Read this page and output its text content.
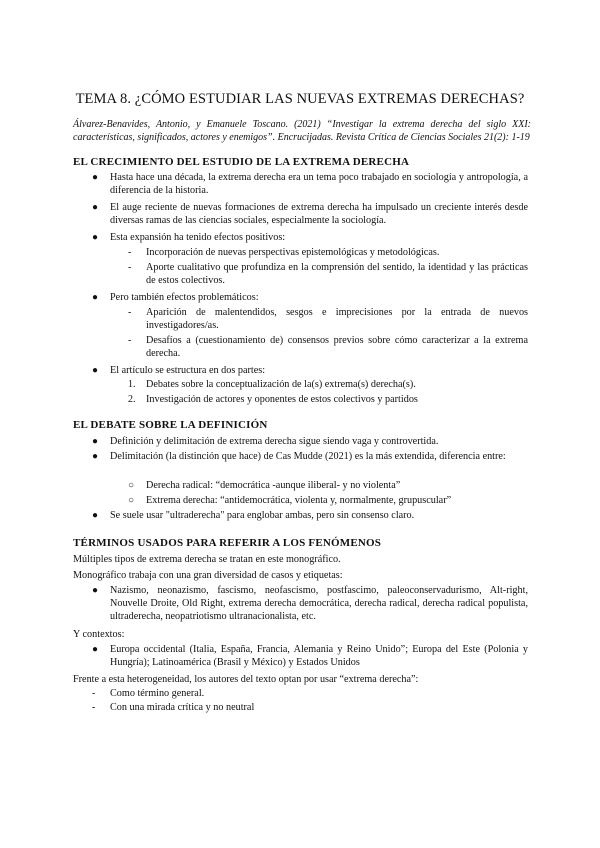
TEMA 8. ¿CÓMO ESTUDIAR LAS NUEVAS EXTREMAS DERECHAS?
Álvarez-Benavides, Antonio, y Emanuele Toscano. (2021) “Investigar la extrema derecha del siglo XXI: características, significados, actores y enemigos”. Encrucijadas. Revista Crítica de Ciencias Sociales 21(2): 1-19
EL CRECIMIENTO DEL ESTUDIO DE LA EXTREMA DERECHA
● Hasta hace una década, la extrema derecha era un tema poco trabajado en sociología y antropología, a diferencia de la historia.
● El auge reciente de nuevas formaciones de extrema derecha ha impulsado un creciente interés desde diversas ramas de las ciencias sociales, especialmente la sociología.
● Esta expansión ha tenido efectos positivos:
- Incorporación de nuevas perspectivas epistemológicas y metodológicas.
- Aporte cualitativo que profundiza en la comprensión del sentido, la identidad y las prácticas de estos colectivos.
● Pero también efectos problemáticos:
- Aparición de malentendidos, sesgos e imprecisiones por la entrada de nuevos investigadores/as.
- Desafíos a (cuestionamiento de) consensos previos sobre cómo caracterizar a la extrema derecha.
● El artículo se estructura en dos partes:
1. Debates sobre la conceptualización de la(s) extrema(s) derecha(s).
2. Investigación de actores y oponentes de estos colectivos y partidos
EL DEBATE SOBRE LA DEFINICIÓN
● Definición y delimitación de extrema derecha sigue siendo vaga y controvertida.
● Delimitación (la distinción que hace) de Cas Mudde (2021) es la más extendida, diferencia entre:
○ Derecha radical: “democrática -aunque iliberal- y no violenta”
○ Extrema derecha: “antidemocrática, violenta y, normalmente, grupuscular”
● Se suele usar "ultraderecha" para englobar ambas, pero sin consenso claro.
TÉRMINOS USADOS PARA REFERIR A LOS FENÓMENOS
Múltiples tipos de extrema derecha se tratan en este monográfico.
Monográfico trabaja con una gran diversidad de casos y etiquetas:
● Nazismo, neonazismo, fascismo, neofascismo, postfascimo, paleoconservadurismo, Alt-right, Nouvelle Droite, Old Right, extrema derecha democrática, derecha radical, derecha radical populista, ultraderecha, neopatriotismo ultranacionalista, etc.
Y contextos:
● Europa occidental (Italia, España, Francia, Alemania y Reino Unido”; Europa del Este (Polonia y Hungría); Latinoamérica (Brasil y México) y Estados Unidos
Frente a esta heterogeneidad, los autores del texto optan por usar “extrema derecha”:
- Como término general.
- Con una mirada crítica y no neutral
